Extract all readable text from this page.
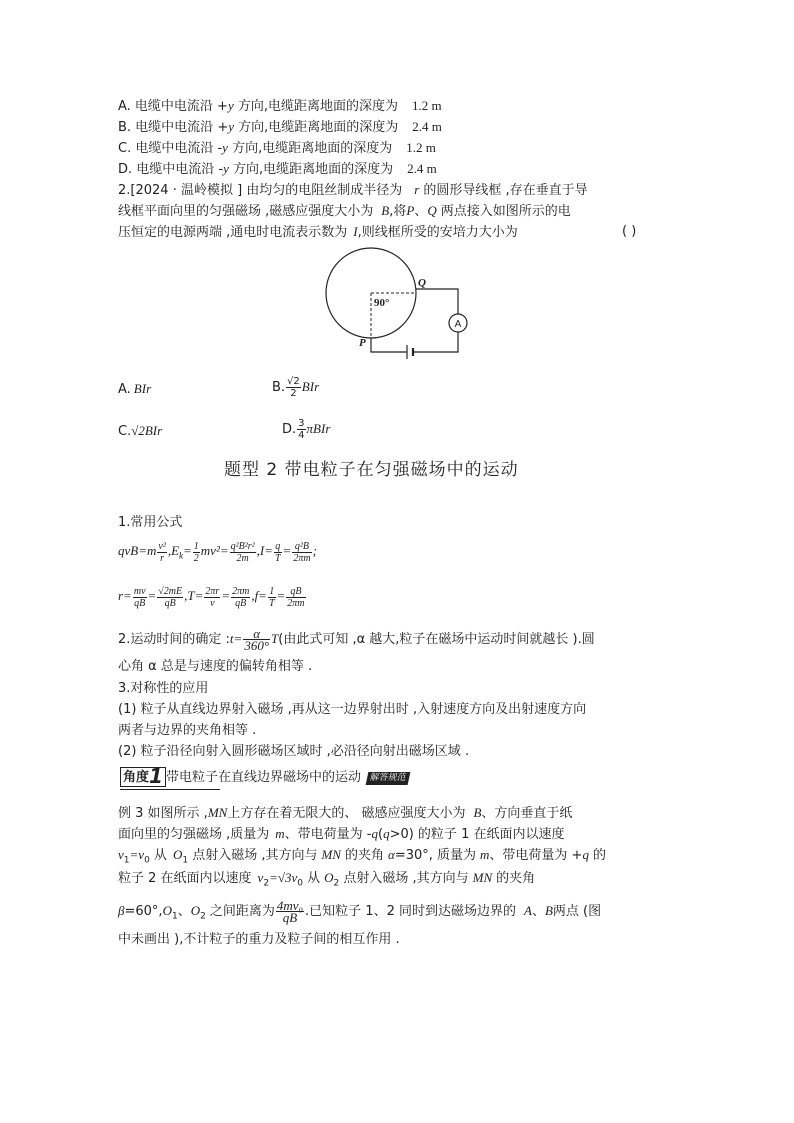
A. 电缆中电流沿 +y 方向,电缆距离地面的深度为 1.2 m
B. 电缆中电流沿 +y 方向,电缆距离地面的深度为 2.4 m
C. 电缆中电流沿 -y 方向,电缆距离地面的深度为 1.2 m
D. 电缆中电流沿 -y 方向,电缆距离地面的深度为 2.4 m
2.[2024 · 温岭模拟 ] 由均匀的电阻丝制成半径为 r 的圆形导线框 ,存在垂直于导
线框平面向里的匀强磁场 ,磁感应强度大小为 B,将P、Q 两点接入如图所示的电
压恒定的电源两端 ,通电时电流表示数为 I,则线框所受的安培力大小为	( )
A
90°
Q
P
A. BIr	B. $\frac{√2}{2}$ BIr
C.√2BIr	D. $\frac{3}{4}$ πBIr
题型 2 带电粒子在匀强磁场中的运动
1.常用公式
$qvB=m \frac{\text{v²}}{r} ,E_k= \frac{1}{2} mv^2= \frac{\text{q²B²r²}}{2m} ,I= \frac{q}{T} = \frac{\text{q²B}}{2\pi m}$ ;
$r= \frac{mv}{qB} = \frac{√2mE}{qB} ,T= \frac{2\pi r}{v} = \frac{2\pi m}{qB} ,f= \frac{1}{T} = \frac{qB}{2\pi m}$
2.运动时间的确定 :t= $\frac{\alpha}{360^\circ} T$(由此式可知 ,α 越大,粒子在磁场中运动时间就越长 ).圆
心角 α 总是与速度的偏转角相等 .
3.对称性的应用
(1) 粒子从直线边界射入磁场 ,再从这一边界射出时 ,入射速度方向及出射速度方向
两者与边界的夹角相等 .
(2) 粒子沿径向射入圆形磁场区域时 ,必沿径向射出磁场区域 .
角度1 带电粒子在直线边界磁场中的运动 解答规范
例 3 如图所示 ,MN上方存在着无限大的、 磁感应强度大小为 B、方向垂直于纸
面向里的匀强磁场 ,质量为 m、带电荷量为 -q(q>0) 的粒子 1 在纸面内以速度
$v_1=v_0$ 从 $O_1$ 点射入磁场 ,其方向与 MN 的夹角 α=30°, 质量为 m、带电荷量为 +q 的
粒子 2 在纸面内以速度 $v_2=√3v_0$ 从 $O_2$ 点射入磁场 ,其方向与 MN 的夹角
$\beta=60^\circ,O_1$、$O_2$ 之间距离为 $\frac{\text{4mv₀}}{qB}$ .已知粒子 1、2 同时到达磁场边界的 A、B两点 (图
中未画出 ),不计粒子的重力及粒子间的相互作用 .
